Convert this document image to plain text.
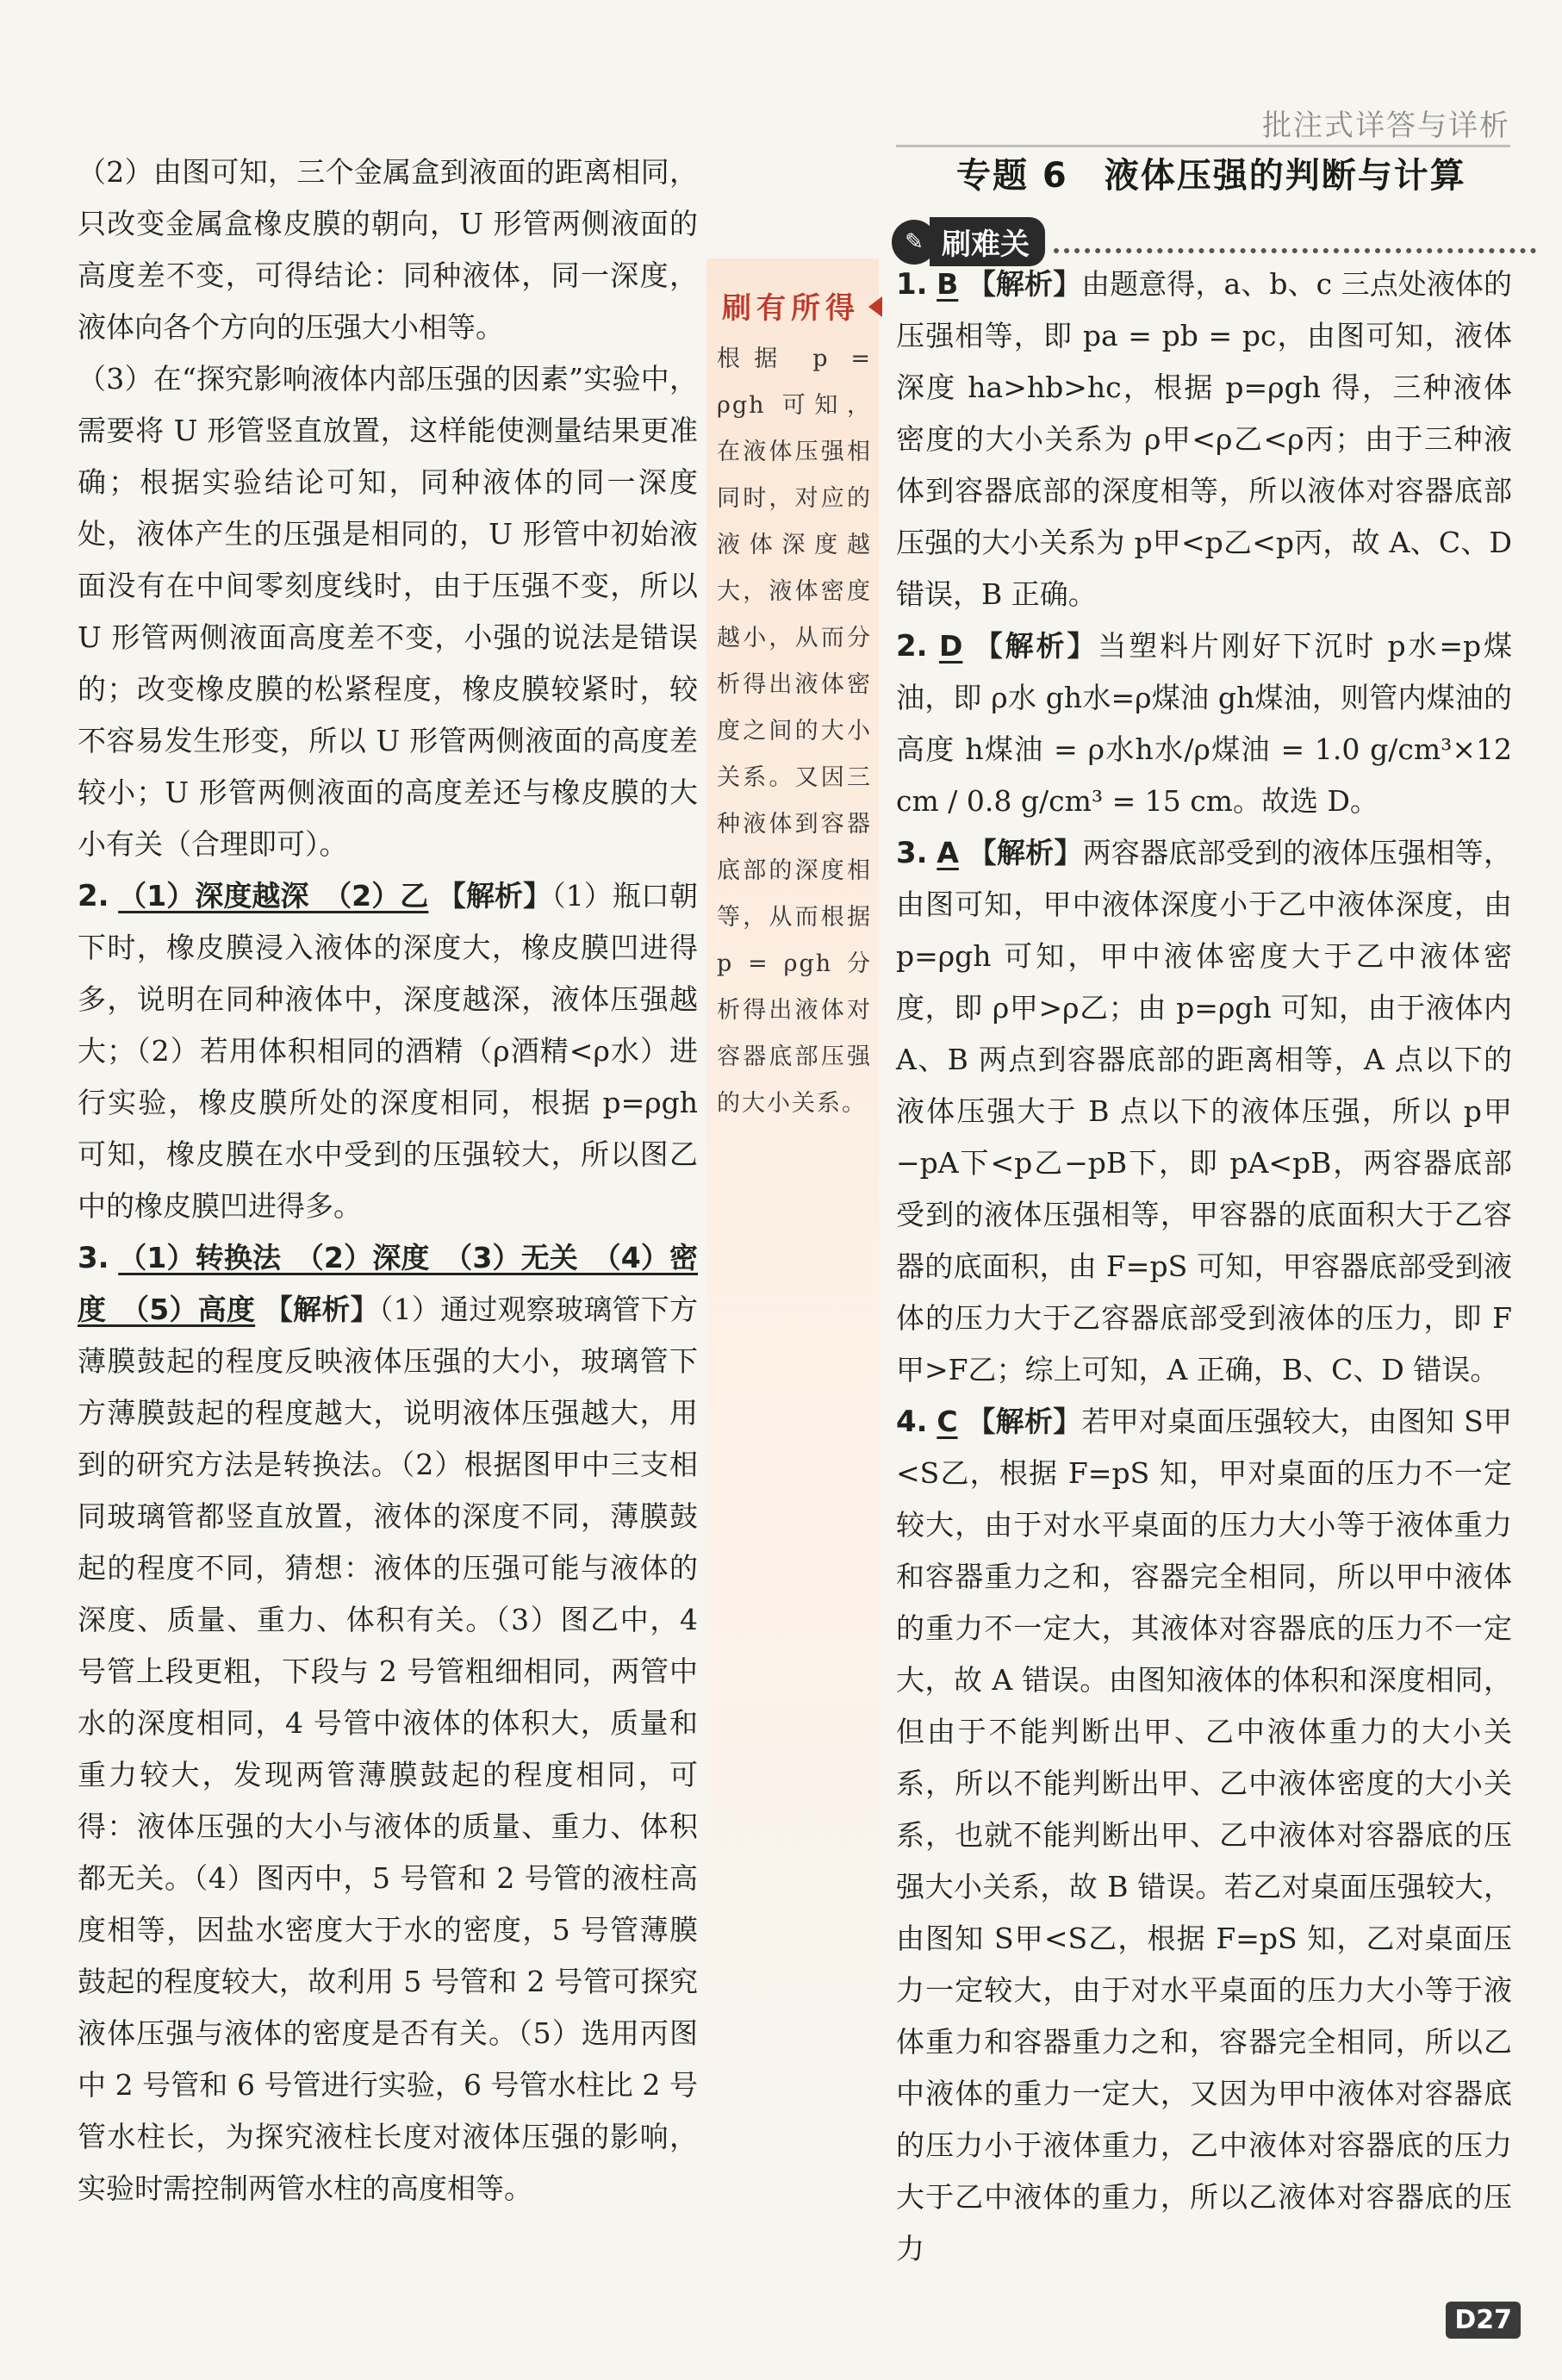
批注式详答与详析

（2）由图可知，三个金属盒到液面的距离相同，只改变金属盒橡皮膜的朝向，U 形管两侧液面的高度差不变，可得结论：同种液体，同一深度，液体向各个方向的压强大小相等。

（3）在“探究影响液体内部压强的因素”实验中，需要将 U 形管竖直放置，这样能使测量结果更准确；根据实验结论可知，同种液体的同一深度处，液体产生的压强是相同的，U 形管中初始液面没有在中间零刻度线时，由于压强不变，所以 U 形管两侧液面高度差不变，小强的说法是错误的；改变橡皮膜的松紧程度，橡皮膜较紧时，较不容易发生形变，所以 U 形管两侧液面的高度差较小；U 形管两侧液面的高度差还与橡皮膜的大小有关（合理即可）。

2. （1）深度越深　（2）乙 【解析】（1）瓶口朝下时，橡皮膜浸入液体的深度大，橡皮膜凹进得多，说明在同种液体中，深度越深，液体压强越大；（2）若用体积相同的酒精（ρ酒精<ρ水）进行实验，橡皮膜所处的深度相同，根据 p=ρgh 可知，橡皮膜在水中受到的压强较大，所以图乙中的橡皮膜凹进得多。

3. （1）转换法　（2）深度　（3）无关　（4）密度　（5）高度 【解析】（1）通过观察玻璃管下方薄膜鼓起的程度反映液体压强的大小，玻璃管下方薄膜鼓起的程度越大，说明液体压强越大，用到的研究方法是转换法。（2）根据图甲中三支相同玻璃管都竖直放置，液体的深度不同，薄膜鼓起的程度不同，猜想：液体的压强可能与液体的深度、质量、重力、体积有关。（3）图乙中，4 号管上段更粗，下段与 2 号管粗细相同，两管中水的深度相同，4 号管中液体的体积大，质量和重力较大，发现两管薄膜鼓起的程度相同，可得：液体压强的大小与液体的质量、重力、体积都无关。（4）图丙中，5 号管和 2 号管的液柱高度相等，因盐水密度大于水的密度，5 号管薄膜鼓起的程度较大，故利用 5 号管和 2 号管可探究液体压强与液体的密度是否有关。（5）选用丙图中 2 号管和 6 号管进行实验，6 号管水柱比 2 号管水柱长，为探究液柱长度对液体压强的影响，实验时需控制两管水柱的高度相等。

刷有所得
根据 p = ρgh 可知，在液体压强相同时，对应的液体深度越大，液体密度越小，从而分析得出液体密度之间的大小关系。又因三种液体到容器底部的深度相等，从而根据 p = ρgh 分析得出液体对容器底部压强的大小关系。
专题 6　液体压强的判断与计算
✎ 刷难关

1. B 【解析】由题意得，a、b、c 三点处液体的压强相等，即 pa = pb = pc，由图可知，液体深度 ha>hb>hc，根据 p=ρgh 得，三种液体密度的大小关系为 ρ甲<ρ乙<ρ丙；由于三种液体到容器底部的深度相等，所以液体对容器底部压强的大小关系为 p甲<p乙<p丙，故 A、C、D 错误，B 正确。

2. D 【解析】当塑料片刚好下沉时 p水=p煤油，即 ρ水 gh水=ρ煤油 gh煤油，则管内煤油的高度 h煤油 = ρ水h水/ρ煤油 = 1.0 g/cm³×12 cm / 0.8 g/cm³ = 15 cm。故选 D。

3. A 【解析】两容器底部受到的液体压强相等，由图可知，甲中液体深度小于乙中液体深度，由 p=ρgh 可知，甲中液体密度大于乙中液体密度，即 ρ甲>ρ乙；由 p=ρgh 可知，由于液体内 A、B 两点到容器底部的距离相等，A 点以下的液体压强大于 B 点以下的液体压强，所以 p甲−pA下<p乙−pB下，即 pA<pB，两容器底部受到的液体压强相等，甲容器的底面积大于乙容器的底面积，由 F=pS 可知，甲容器底部受到液体的压力大于乙容器底部受到液体的压力，即 F甲>F乙；综上可知，A 正确，B、C、D 错误。

4. C 【解析】若甲对桌面压强较大，由图知 S甲<S乙，根据 F=pS 知，甲对桌面的压力不一定较大，由于对水平桌面的压力大小等于液体重力和容器重力之和，容器完全相同，所以甲中液体的重力不一定大，其液体对容器底的压力不一定大，故 A 错误。由图知液体的体积和深度相同，但由于不能判断出甲、乙中液体重力的大小关系，所以不能判断出甲、乙中液体密度的大小关系，也就不能判断出甲、乙中液体对容器底的压强大小关系，故 B 错误。若乙对桌面压强较大，由图知 S甲<S乙，根据 F=pS 知，乙对桌面压力一定较大，由于对水平桌面的压力大小等于液体重力和容器重力之和，容器完全相同，所以乙中液体的重力一定大，又因为甲中液体对容器底的压力小于液体重力，乙中液体对容器底的压力大于乙中液体的重力，所以乙液体对容器底的压力

D27
